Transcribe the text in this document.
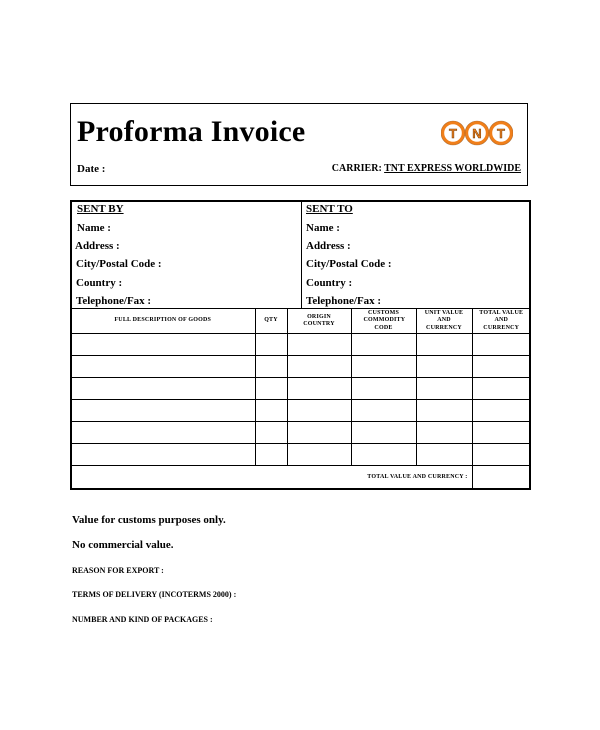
Proforma Invoice	T N T
Date :	CARRIER: TNT EXPRESS WORLDWIDE
SENT BY
Name :
Address :
City/Postal Code :
Country :
Telephone/Fax :
SENT TO
Name :
Address :
City/Postal Code :
Country :
Telephone/Fax :
FULL DESCRIPTION OF GOODS	QTY	ORIGIN COUNTRY	CUSTOMS COMMODITY CODE	UNIT VALUE AND CURRENCY	TOTAL VALUE AND CURRENCY

TOTAL VALUE AND CURRENCY :					
Value for customs purposes only.
No commercial value.
REASON FOR EXPORT :
TERMS OF DELIVERY (INCOTERMS 2000) :
NUMBER AND KIND OF PACKAGES :
